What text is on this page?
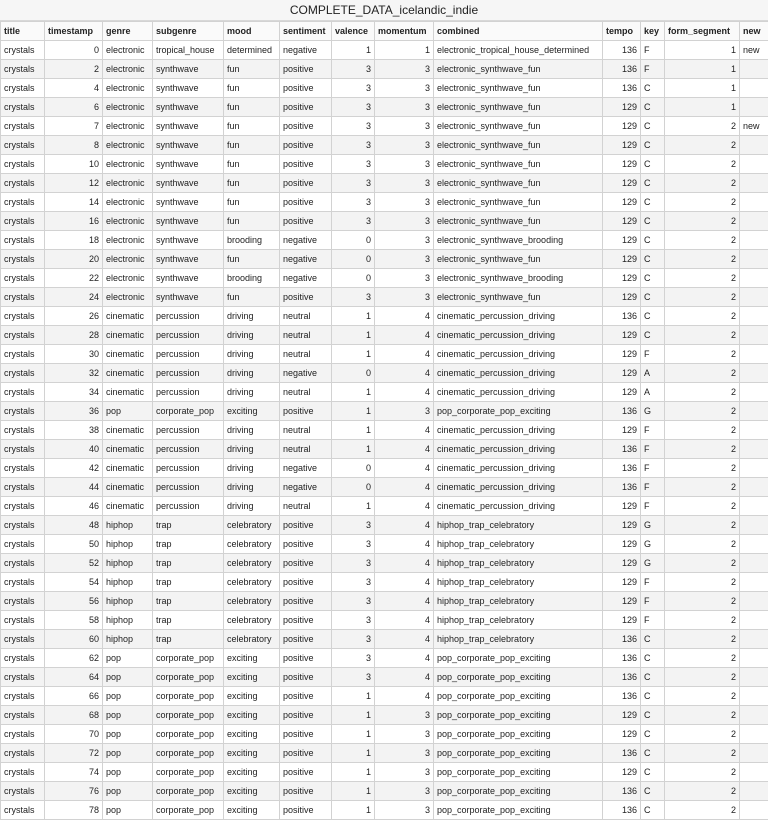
COMPLETE_DATA_icelandic_indie
title	timestamp	genre	subgenre	mood	sentiment	valence	momentum	combined	tempo	key	form_segment	new
crystals	0	electronic	tropical_house	determined	negative	1	1	electronic_tropical_house_determined	136	F	1	new
crystals	2	electronic	synthwave	fun	positive	3	3	electronic_synthwave_fun	136	F	1	
crystals	4	electronic	synthwave	fun	positive	3	3	electronic_synthwave_fun	136	C	1	
crystals	6	electronic	synthwave	fun	positive	3	3	electronic_synthwave_fun	129	C	1	
crystals	7	electronic	synthwave	fun	positive	3	3	electronic_synthwave_fun	129	C	2	new
crystals	8	electronic	synthwave	fun	positive	3	3	electronic_synthwave_fun	129	C	2	
crystals	10	electronic	synthwave	fun	positive	3	3	electronic_synthwave_fun	129	C	2	
crystals	12	electronic	synthwave	fun	positive	3	3	electronic_synthwave_fun	129	C	2	
crystals	14	electronic	synthwave	fun	positive	3	3	electronic_synthwave_fun	129	C	2	
crystals	16	electronic	synthwave	fun	positive	3	3	electronic_synthwave_fun	129	C	2	
crystals	18	electronic	synthwave	brooding	negative	0	3	electronic_synthwave_brooding	129	C	2	
crystals	20	electronic	synthwave	fun	negative	0	3	electronic_synthwave_fun	129	C	2	
crystals	22	electronic	synthwave	brooding	negative	0	3	electronic_synthwave_brooding	129	C	2	
crystals	24	electronic	synthwave	fun	positive	3	3	electronic_synthwave_fun	129	C	2	
crystals	26	cinematic	percussion	driving	neutral	1	4	cinematic_percussion_driving	136	C	2	
crystals	28	cinematic	percussion	driving	neutral	1	4	cinematic_percussion_driving	129	C	2	
crystals	30	cinematic	percussion	driving	neutral	1	4	cinematic_percussion_driving	129	F	2	
crystals	32	cinematic	percussion	driving	negative	0	4	cinematic_percussion_driving	129	A	2	
crystals	34	cinematic	percussion	driving	neutral	1	4	cinematic_percussion_driving	129	A	2	
crystals	36	pop	corporate_pop	exciting	positive	1	3	pop_corporate_pop_exciting	136	G	2	
crystals	38	cinematic	percussion	driving	neutral	1	4	cinematic_percussion_driving	129	F	2	
crystals	40	cinematic	percussion	driving	neutral	1	4	cinematic_percussion_driving	136	F	2	
crystals	42	cinematic	percussion	driving	negative	0	4	cinematic_percussion_driving	136	F	2	
crystals	44	cinematic	percussion	driving	negative	0	4	cinematic_percussion_driving	136	F	2	
crystals	46	cinematic	percussion	driving	neutral	1	4	cinematic_percussion_driving	129	F	2	
crystals	48	hiphop	trap	celebratory	positive	3	4	hiphop_trap_celebratory	129	G	2	
crystals	50	hiphop	trap	celebratory	positive	3	4	hiphop_trap_celebratory	129	G	2	
crystals	52	hiphop	trap	celebratory	positive	3	4	hiphop_trap_celebratory	129	G	2	
crystals	54	hiphop	trap	celebratory	positive	3	4	hiphop_trap_celebratory	129	F	2	
crystals	56	hiphop	trap	celebratory	positive	3	4	hiphop_trap_celebratory	129	F	2	
crystals	58	hiphop	trap	celebratory	positive	3	4	hiphop_trap_celebratory	129	F	2	
crystals	60	hiphop	trap	celebratory	positive	3	4	hiphop_trap_celebratory	136	C	2	
crystals	62	pop	corporate_pop	exciting	positive	3	4	pop_corporate_pop_exciting	136	C	2	
crystals	64	pop	corporate_pop	exciting	positive	3	4	pop_corporate_pop_exciting	136	C	2	
crystals	66	pop	corporate_pop	exciting	positive	1	4	pop_corporate_pop_exciting	136	C	2	
crystals	68	pop	corporate_pop	exciting	positive	1	3	pop_corporate_pop_exciting	129	C	2	
crystals	70	pop	corporate_pop	exciting	positive	1	3	pop_corporate_pop_exciting	129	C	2	
crystals	72	pop	corporate_pop	exciting	positive	1	3	pop_corporate_pop_exciting	136	C	2	
crystals	74	pop	corporate_pop	exciting	positive	1	3	pop_corporate_pop_exciting	129	C	2	
crystals	76	pop	corporate_pop	exciting	positive	1	3	pop_corporate_pop_exciting	136	C	2	
crystals	78	pop	corporate_pop	exciting	positive	1	3	pop_corporate_pop_exciting	136	C	2	
